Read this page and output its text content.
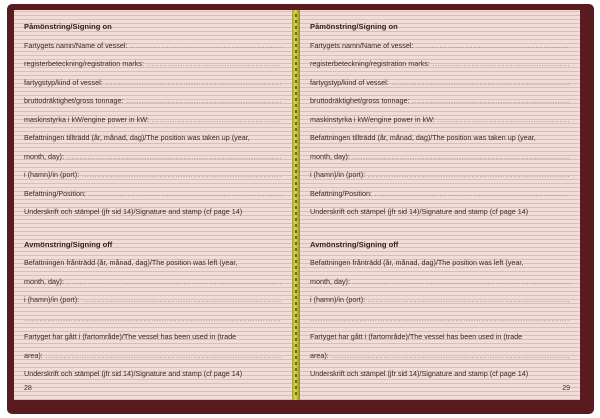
Påmönstring/Signing on
Fartygets namn/Name of vessel: .....
registerbeteckning/registration marks: .....
fartygstyp/kind of vessel: .....
bruttodräktighet/gross tonnage: .....
maskinstyrka i kW/engine power in kW: .....
Befattningen tillträdd (år, månad, dag)/The position was taken up (year,
month, day): .....
i (hamn)/in (port): .....
Befattning/Position: .....
Underskrift och stämpel (jfr sid 14)/Signature and stamp (cf page 14)
Avmönstring/Signing off
Befattningen frånträdd (år, månad, dag)/The position was left (year,
month, day): .....
i (hamn)/in (port): .....
.....
Fartyget har gått i (fartområde)/The vessel has been used in (trade
area): .....
Underskrift och stämpel (jfr sid 14)/Signature and stamp (cf page 14)
28
Påmönstring/Signing on
Fartygets namn/Name of vessel: .....
registerbeteckning/registration marks: .....
fartygstyp/kind of vessel: .....
bruttodräktighet/gross tonnage: .....
maskinstyrka i kW/engine power in kW: .....
Befattningen tillträdd (år, månad, dag)/The position was taken up (year,
month, day): .....
i (hamn)/in (port): .....
Befattning/Position: .....
Underskrift och stämpel (jfr sid 14)/Signature and stamp (cf page 14)
Avmönstring/Signing off
Befattningen frånträdd (år, månad, dag)/The position was left (year,
month, day): .....
i (hamn)/in (port): .....
.....
Fartyget har gått i (fartområde)/The vessel has been used in (trade
area): .....
Underskrift och stämpel (jfr sid 14)/Signature and stamp (cf page 14)
29
